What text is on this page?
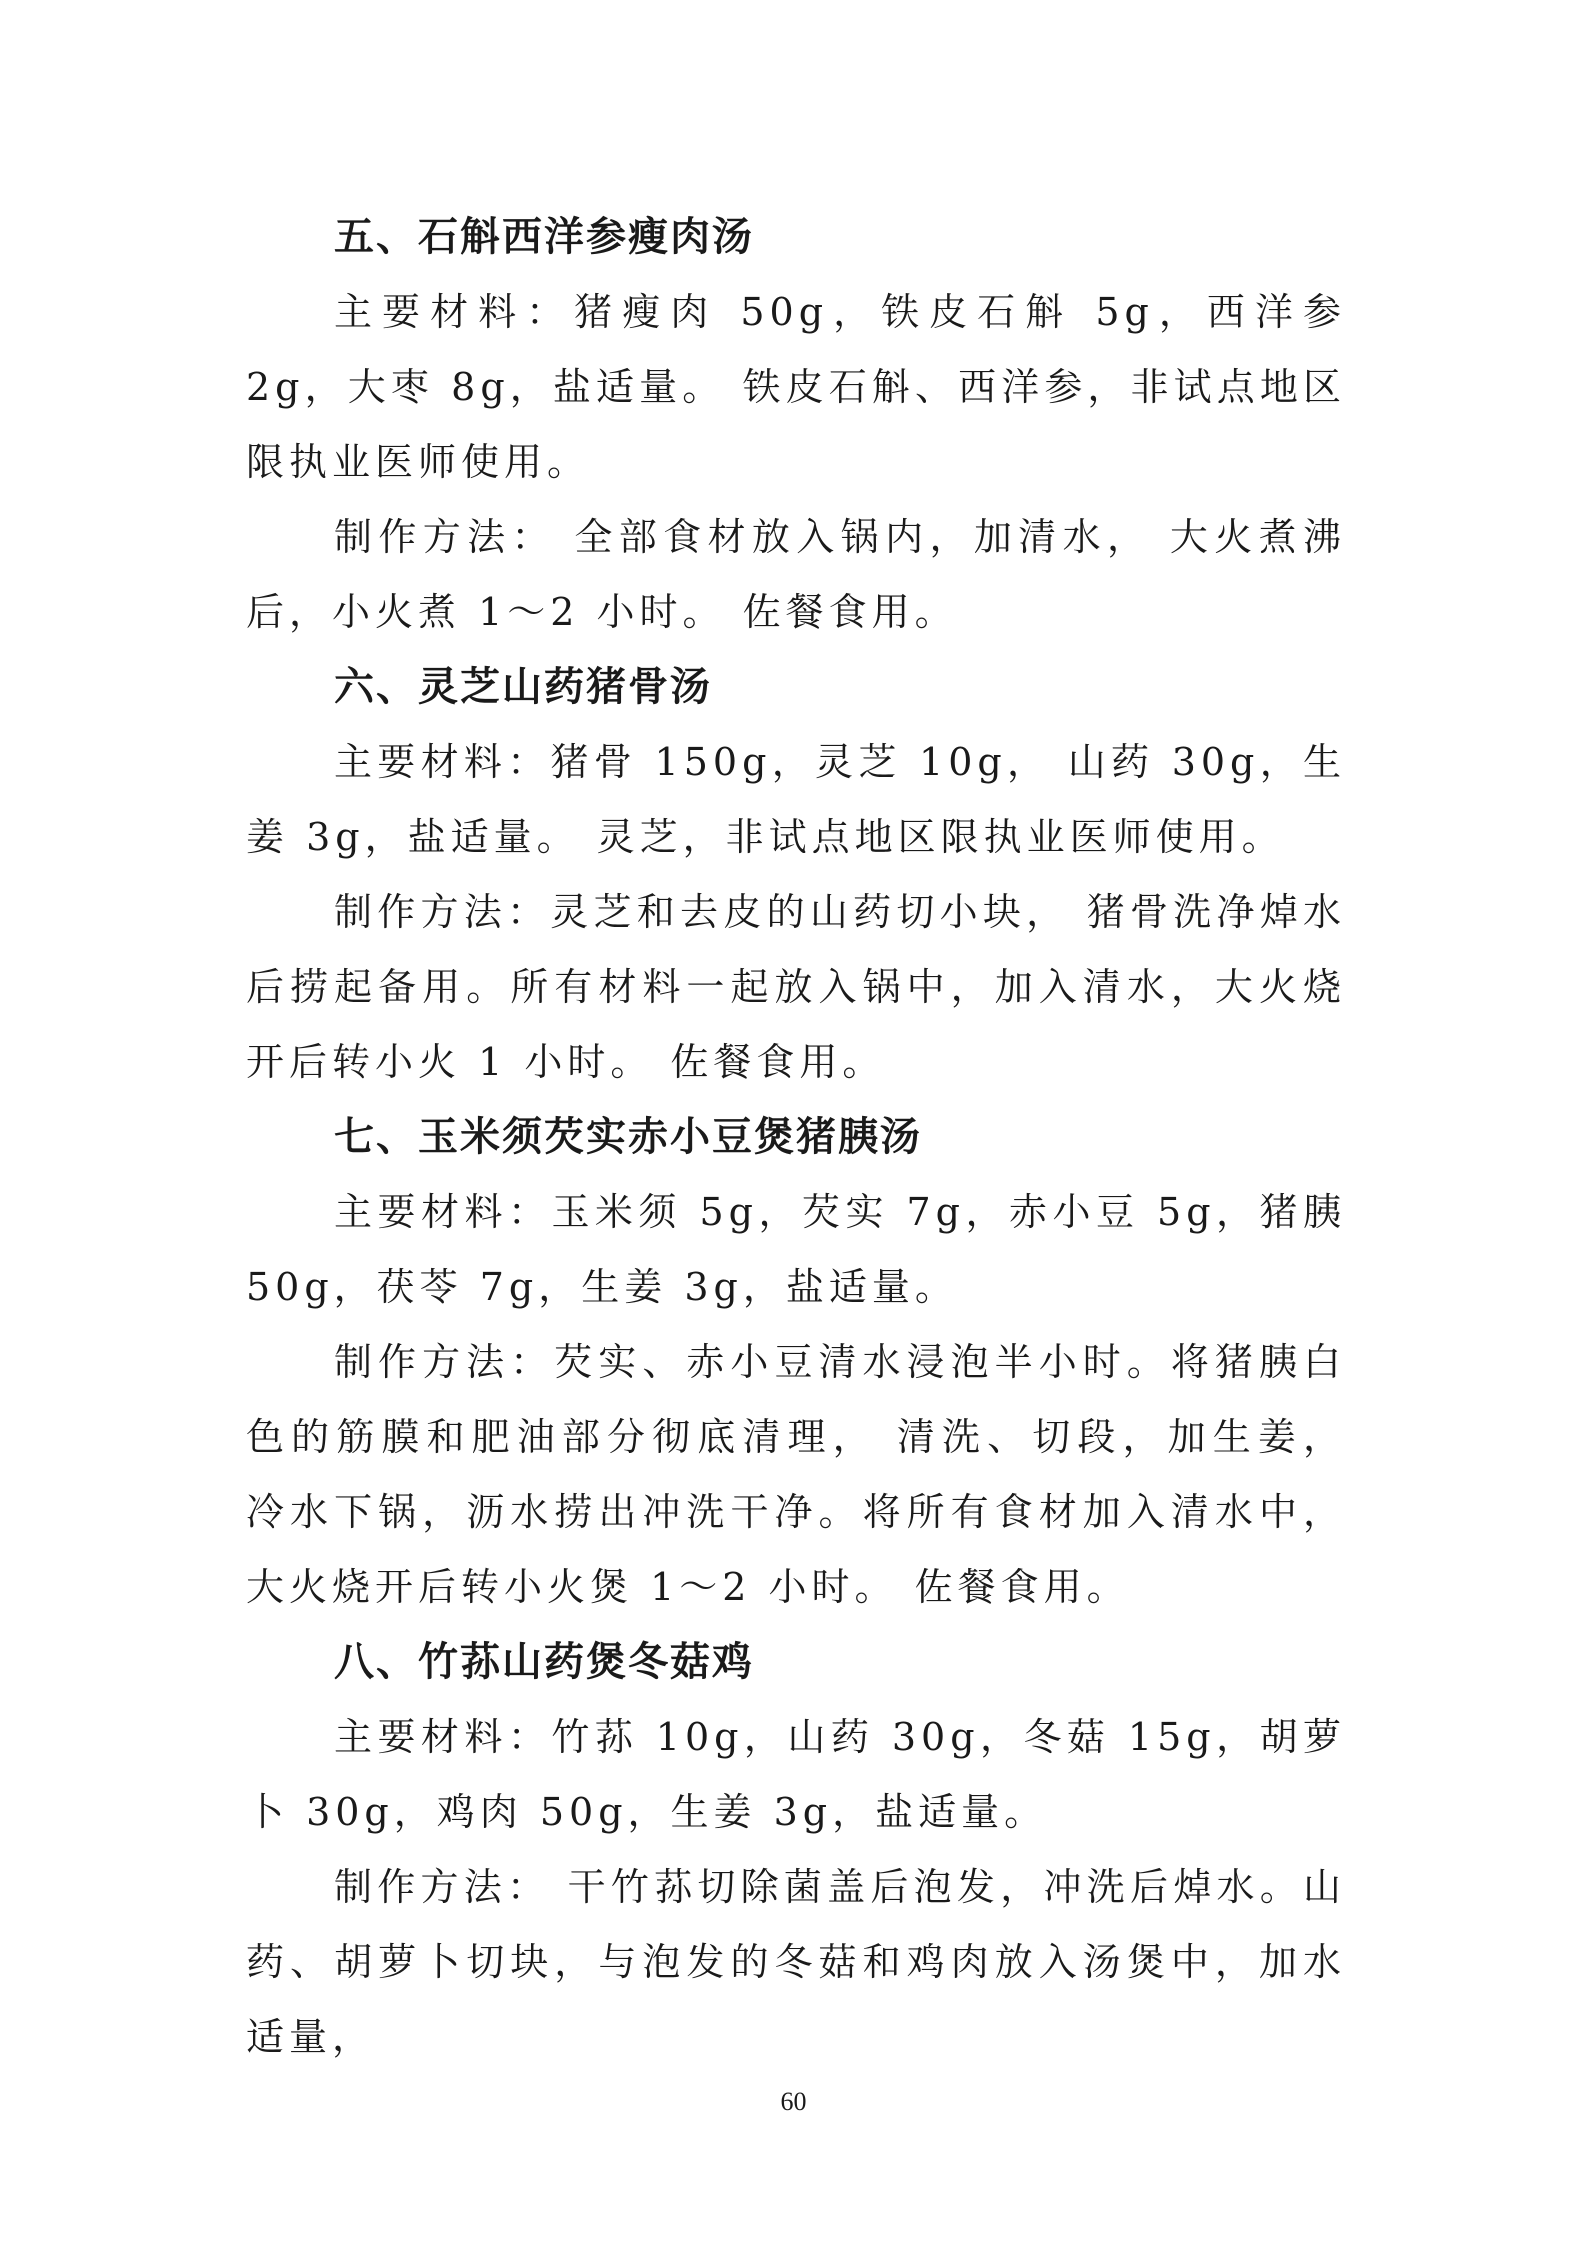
五、石斛西洋参瘦肉汤

主要材料：猪瘦肉 50g，铁皮石斛 5g，西洋参 2g，大枣 8g，盐适量。 铁皮石斛、西洋参，非试点地区限执业医师使用。

制作方法： 全部食材放入锅内，加清水， 大火煮沸后，小火煮 1～2 小时。 佐餐食用。

六、灵芝山药猪骨汤

主要材料：猪骨 150g，灵芝 10g， 山药 30g，生姜 3g，盐适量。 灵芝，非试点地区限执业医师使用。

制作方法：灵芝和去皮的山药切小块， 猪骨洗净焯水后捞起备用。所有材料一起放入锅中，加入清水，大火烧开后转小火 1 小时。 佐餐食用。

七、玉米须芡实赤小豆煲猪胰汤

主要材料：玉米须 5g，芡实 7g，赤小豆 5g，猪胰 50g，茯苓 7g，生姜 3g，盐适量。

制作方法：芡实、赤小豆清水浸泡半小时。将猪胰白色的筋膜和肥油部分彻底清理， 清洗、切段，加生姜， 冷水下锅，沥水捞出冲洗干净。将所有食材加入清水中， 大火烧开后转小火煲 1～2 小时。 佐餐食用。

八、竹荪山药煲冬菇鸡

主要材料：竹荪 10g，山药 30g，冬菇 15g，胡萝卜 30g，鸡肉 50g，生姜 3g，盐适量。

制作方法： 干竹荪切除菌盖后泡发，冲洗后焯水。山药、胡萝卜切块，与泡发的冬菇和鸡肉放入汤煲中，加水适量，

60
